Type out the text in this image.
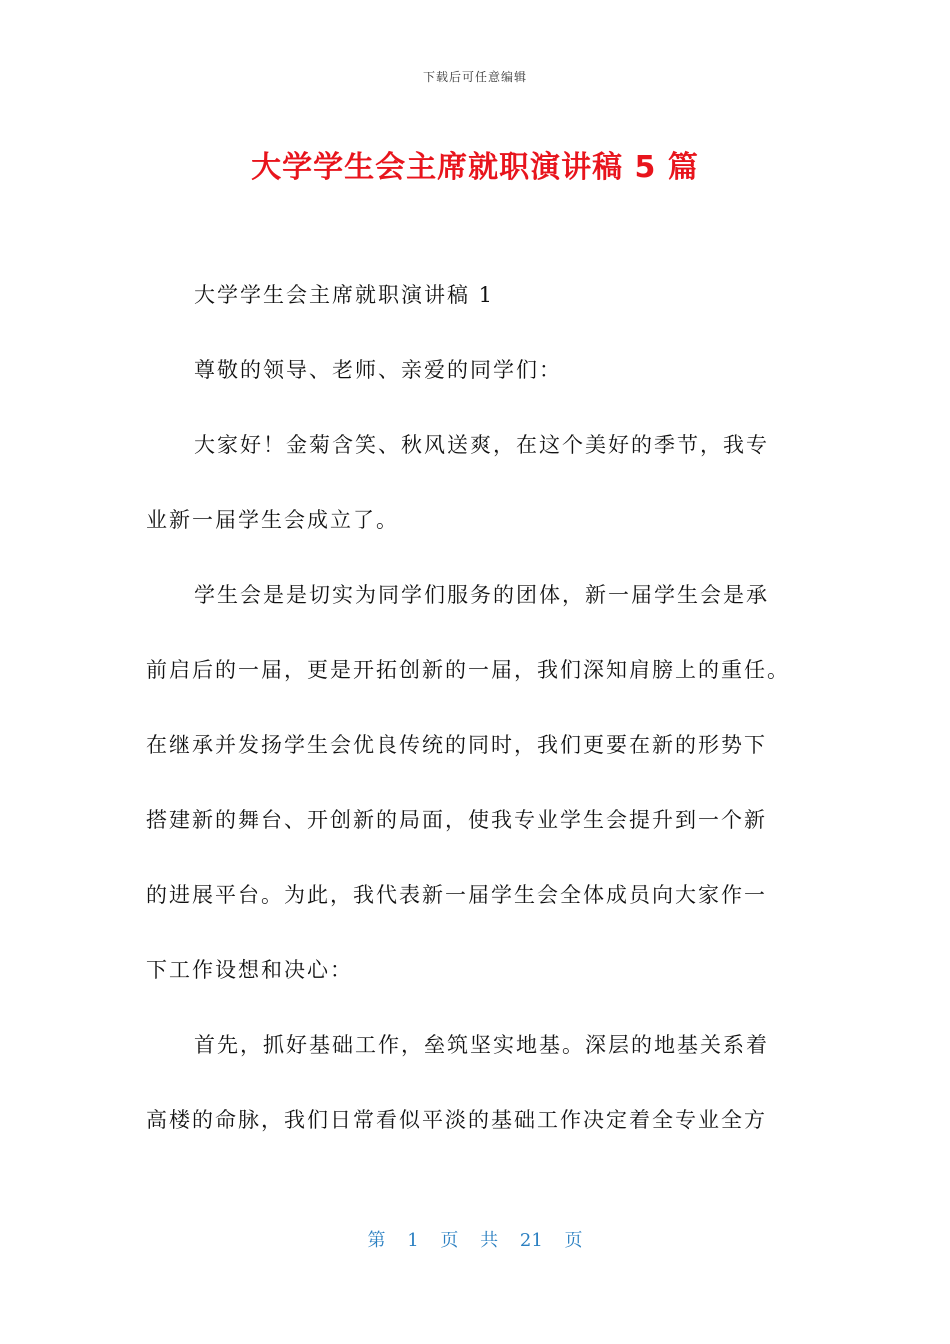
下载后可任意编辑
大学学生会主席就职演讲稿 5 篇
大学学生会主席就职演讲稿 1
尊敬的领导、老师、亲爱的同学们：
大家好！金菊含笑、秋风送爽，在这个美好的季节，我专
业新一届学生会成立了。
学生会是是切实为同学们服务的团体，新一届学生会是承
前启后的一届，更是开拓创新的一届，我们深知肩膀上的重任。
在继承并发扬学生会优良传统的同时，我们更要在新的形势下
搭建新的舞台、开创新的局面，使我专业学生会提升到一个新
的进展平台。为此，我代表新一届学生会全体成员向大家作一
下工作设想和决心：
首先，抓好基础工作，垒筑坚实地基。深层的地基关系着
高楼的命脉，我们日常看似平淡的基础工作决定着全专业全方
第 1 页 共 21 页
